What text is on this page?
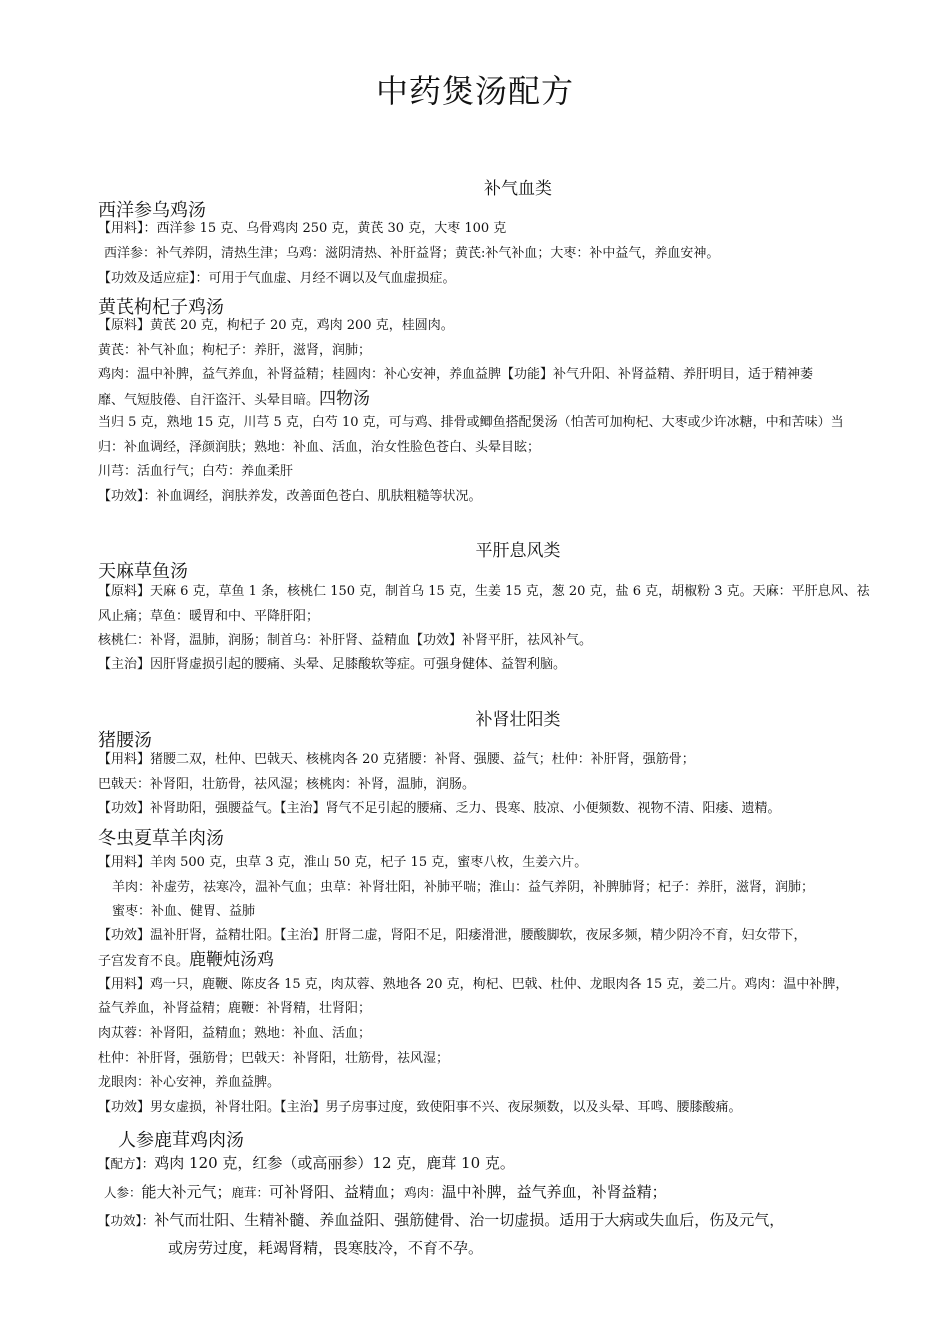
中药煲汤配方
补气血类
西洋参乌鸡汤
【用料】：西洋参 15 克、乌骨鸡肉 250 克，黄芪 30 克，大枣 100 克
西洋参：补气养阴，清热生津；乌鸡：滋阴清热、补肝益肾；黄芪:补气补血；大枣：补中益气，养血安神。
【功效及适应症】：可用于气血虚、月经不调以及气血虚损症。
黄芪枸杞子鸡汤
【原料】黄芪 20 克，枸杞子 20 克，鸡肉 200 克，桂圆肉。
黄芪：补气补血；枸杞子：养肝，滋肾，润肺；
鸡肉：温中补脾，益气养血，补肾益精；桂圆肉：补心安神，养血益脾【功能】补气升阳、补肾益精、养肝明目，适于精神萎
靡、气短肢倦、自汗盗汗、头晕目暗。四物汤
当归 5 克，熟地 15 克，川芎 5 克，白芍 10 克，可与鸡、排骨或鲫鱼搭配煲汤（怕苦可加枸杞、大枣或少许冰糖，中和苦味）当
归：补血调经，泽颜润肤；熟地：补血、活血，治女性脸色苍白、头晕目眩；
川芎：活血行气；白芍：养血柔肝
【功效】：补血调经，润肤养发，改善面色苍白、肌肤粗糙等状况。
平肝息风类
天麻草鱼汤
【原料】天麻 6 克，草鱼 1 条，核桃仁 150 克，制首乌 15 克，生姜 15 克，葱 20 克，盐 6 克，胡椒粉 3 克。天麻：平肝息风、祛
风止痛；草鱼：暖胃和中、平降肝阳；
核桃仁：补肾，温肺，润肠；制首乌：补肝肾、益精血【功效】补肾平肝，祛风补气。
【主治】因肝肾虚损引起的腰痛、头晕、足膝酸软等症。可强身健体、益智利脑。
补肾壮阳类
猪腰汤
【用料】猪腰二双，杜仲、巴戟天、核桃肉各 20 克猪腰：补肾、强腰、益气；杜仲：补肝肾，强筋骨；
巴戟天：补肾阳，壮筋骨，祛风湿；核桃肉：补肾，温肺，润肠。
【功效】补肾助阳，强腰益气。【主治】肾气不足引起的腰痛、乏力、畏寒、肢凉、小便频数、视物不清、阳痿、遗精。
冬虫夏草羊肉汤
【用料】羊肉 500 克，虫草 3 克，淮山 50 克，杞子 15 克，蜜枣八枚，生姜六片。
羊肉：补虚劳，祛寒冷，温补气血；虫草：补肾壮阳，补肺平喘；淮山：益气养阴，补脾肺肾；杞子：养肝，滋肾，润肺；
蜜枣：补血、健胃、益肺
【功效】温补肝肾，益精壮阳。【主治】肝肾二虚，肾阳不足，阳痿滑泄，腰酸脚软，夜尿多频，精少阴冷不育，妇女带下，
子宫发育不良。鹿鞭炖汤鸡
【用料】鸡一只，鹿鞭、陈皮各 15 克，肉苁蓉、熟地各 20 克，枸杞、巴戟、杜仲、龙眼肉各 15 克，姜二片。鸡肉：温中补脾，
益气养血，补肾益精；鹿鞭：补肾精，壮肾阳；
肉苁蓉：补肾阳，益精血；熟地：补血、活血；
杜仲：补肝肾，强筋骨；巴戟天：补肾阳，壮筋骨，祛风湿；
龙眼肉：补心安神，养血益脾。
【功效】男女虚损，补肾壮阳。【主治】男子房事过度，致使阳事不兴、夜尿频数，以及头晕、耳鸣、腰膝酸痛。
人参鹿茸鸡肉汤
【配方】：鸡肉 120 克，红参（或高丽参）12 克，鹿茸 10 克。
人参：能大补元气；鹿茸：可补肾阳、益精血；鸡肉：温中补脾，益气养血，补肾益精；
【功效】：补气而壮阳、生精补髓、养血益阳、强筋健骨、治一切虚损。适用于大病或失血后，伤及元气，
或房劳过度，耗竭肾精，畏寒肢冷，不育不孕。
